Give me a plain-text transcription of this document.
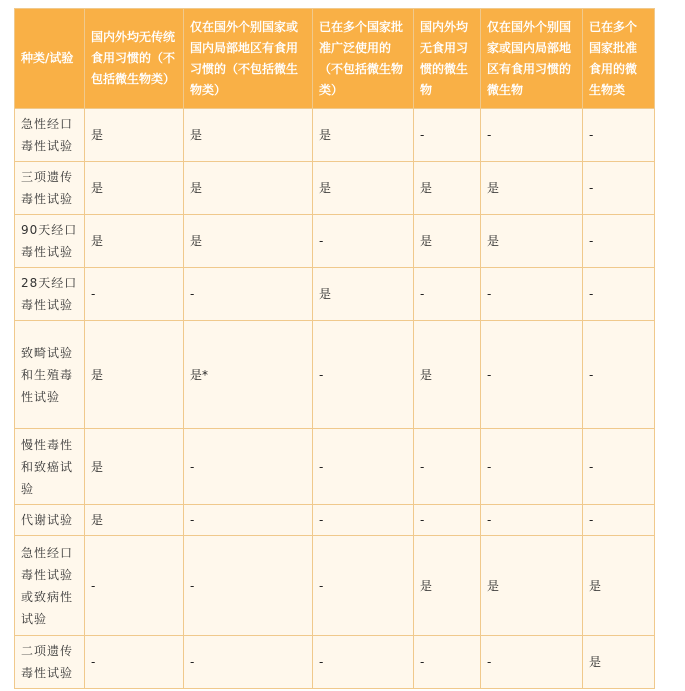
种类/试验	国内外均无传统食用习惯的（不包括微生物类）	仅在国外个别国家或国内局部地区有食用习惯的（不包括微生物类）	已在多个国家批准广泛使用的（不包括微生物类）	国内外均无食用习惯的微生物	仅在国外个别国家或国内局部地区有食用习惯的微生物	已在多个国家批准食用的微生物类
急性经口毒性试验	是	是	是	-	-	-
三项遗传毒性试验	是	是	是	是	是	-
90天经口毒性试验	是	是	-	是	是	-
28天经口毒性试验	-	-	是	-	-	-
致畸试验和生殖毒性试验	是	是*	-	是	-	-
慢性毒性和致癌试验	是	-	-	-	-	-
代谢试验	是	-	-	-	-	-
急性经口毒性试验或致病性试验	-	-	-	是	是	是
二项遗传毒性试验	-	-	-	-	-	是
